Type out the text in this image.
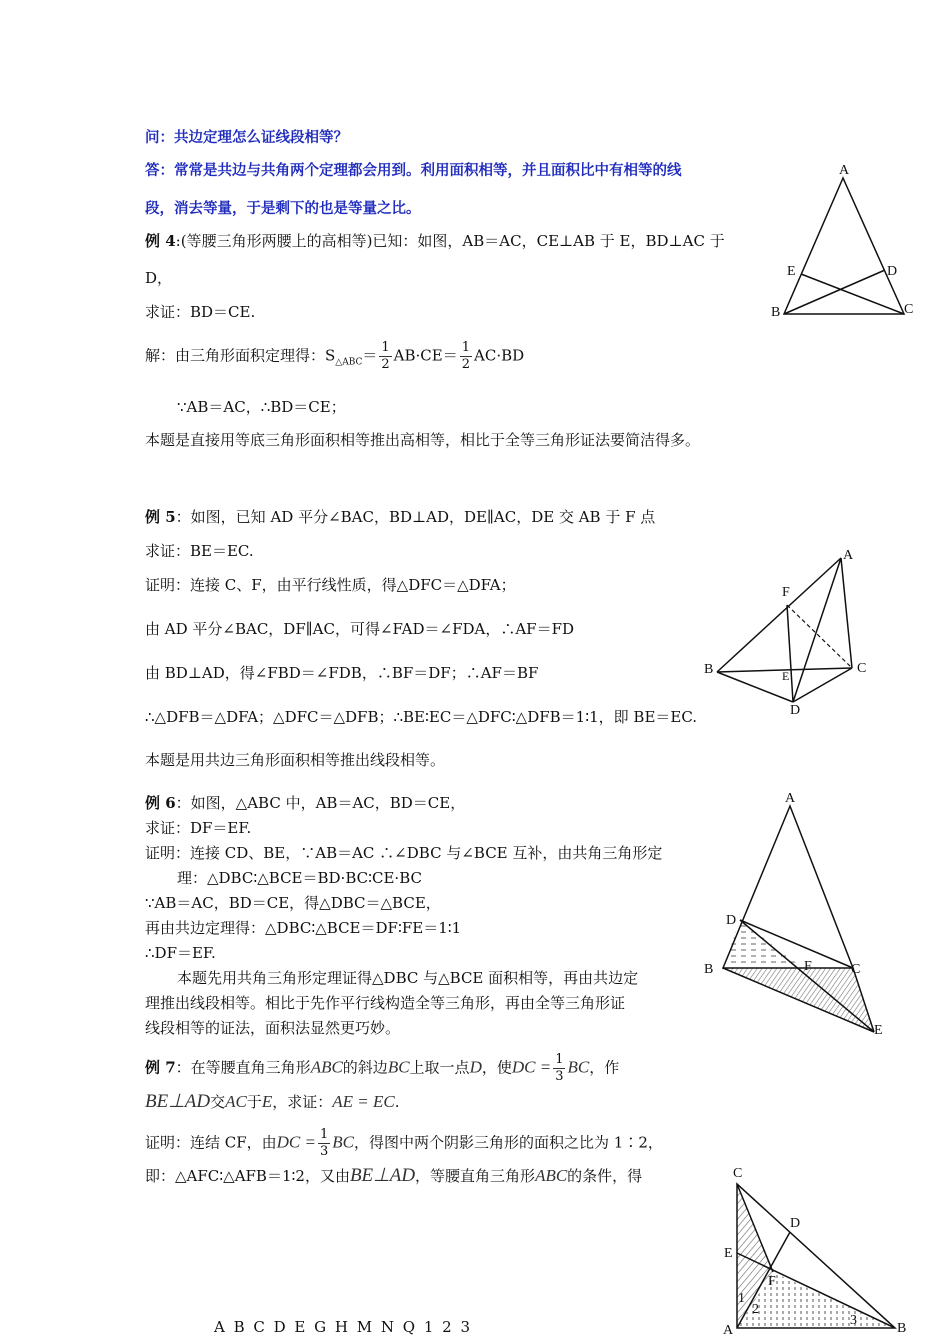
问：共边定理怎么证线段相等？
答：常常是共边与共角两个定理都会用到。利用面积相等，并且面积比中有相等的线
段，消去等量，于是剩下的也是等量之比。
例 4:(等腰三角形两腰上的高相等)已知：如图，AB＝AC，CE⊥AB 于 E，BD⊥AC 于
D，
求证：BD＝CE.
解：由三角形面积定理得：$S_{\triangle ABC}= \frac{1}{2} AB\cdot CE= \frac{1}{2} AC\cdot BD$
∵AB＝AC，∴BD＝CE；
本题是直接用等底三角形面积相等推出高相等，相比于全等三角形证法要简洁得多。
例 5：如图，已知 AD 平分∠BAC，BD⊥AD，DE∥AC，DE 交 AB 于 F 点
求证：BE＝EC.
证明：连接 C、F，由平行线性质，得△DFC＝△DFA；
由 AD 平分∠BAC，DF∥AC，可得∠FAD＝∠FDA，∴AF＝FD
由 BD⊥AD，得∠FBD＝∠FDB，∴BF＝DF；∴AF＝BF
∴△DFB＝△DFA；△DFC＝△DFB；∴BE∶EC＝△DFC∶△DFB＝1∶1，即 BE＝EC.
本题是用共边三角形面积相等推出线段相等。
例 6：如图，△ABC 中，AB＝AC，BD＝CE，
求证：DF＝EF.
证明：连接 CD、BE，∵AB＝AC ∴∠DBC 与∠BCE 互补，由共角三角形定
理：△DBC∶△BCE＝BD·BC∶CE·BC
∵AB＝AC，BD＝CE，得△DBC＝△BCE，
再由共边定理得：△DBC∶△BCE＝DF∶FE＝1∶1
∴DF＝EF.
本题先用共角三角形定理证得△DBC 与△BCE 面积相等，再由共边定
理推出线段相等。相比于先作平行线构造全等三角形，再由全等三角形证
线段相等的证法，面积法显然更巧妙。
例 7：在等腰直角三角形ABC的斜边BC上取一点D，使DC = $\frac{1}{3}$ BC，作
BE⊥AD交AC于E，求证：AE = EC.
证明：连结 CF，由DC = $\frac{1}{3}$ BC，得图中两个阴影三角形的面积之比为 1∶2，
即：△AFC∶△AFB＝1∶2，又由BE⊥AD，等腰直角三角形ABC的条件，得
A
B	C
D
E
A
B	C
D
E
F
A
B	C
D
E
F
C
D
E
F
A	B
1
2
3
A B C D E G H M N Q 1 2 3
